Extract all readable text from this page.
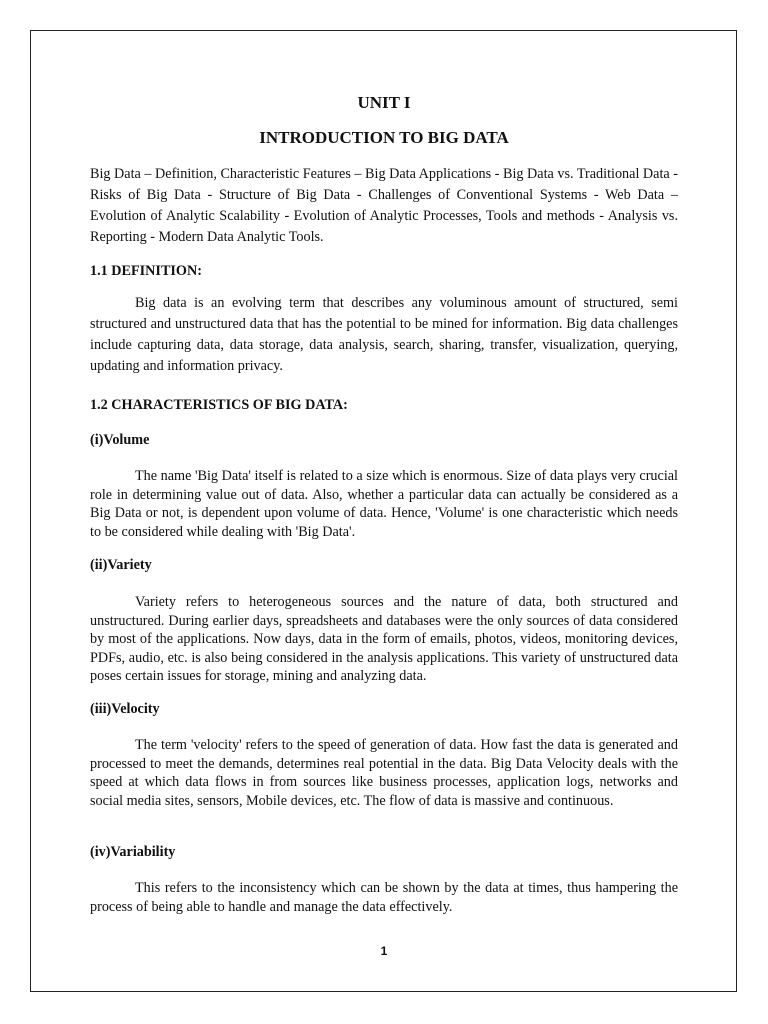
UNIT I
INTRODUCTION TO BIG DATA
Big Data – Definition, Characteristic Features – Big Data Applications - Big Data vs. Traditional Data - Risks of Big Data - Structure of Big Data - Challenges of Conventional Systems - Web Data – Evolution of Analytic Scalability - Evolution of Analytic Processes, Tools and methods - Analysis vs. Reporting - Modern Data Analytic Tools.
1.1 DEFINITION:
Big data is an evolving term that describes any voluminous amount of structured, semi structured and unstructured data that has the potential to be mined for information. Big data challenges include capturing data, data storage, data analysis, search, sharing, transfer, visualization, querying, updating and information privacy.
1.2 CHARACTERISTICS OF BIG DATA:
(i)Volume
The name 'Big Data' itself is related to a size which is enormous. Size of data plays very crucial role in determining value out of data. Also, whether a particular data can actually be considered as a Big Data or not, is dependent upon volume of data. Hence, 'Volume' is one characteristic which needs to be considered while dealing with 'Big Data'.
(ii)Variety
Variety refers to heterogeneous sources and the nature of data, both structured and unstructured. During earlier days, spreadsheets and databases were the only sources of data considered by most of the applications. Now days, data in the form of emails, photos, videos, monitoring devices, PDFs, audio, etc. is also being considered in the analysis applications. This variety of unstructured data poses certain issues for storage, mining and analyzing data.
(iii)Velocity
The term 'velocity' refers to the speed of generation of data. How fast the data is generated and processed to meet the demands, determines real potential in the data. Big Data Velocity deals with the speed at which data flows in from sources like business processes, application logs, networks and social media sites, sensors, Mobile devices, etc. The flow of data is massive and continuous.
(iv)Variability
This refers to the inconsistency which can be shown by the data at times, thus hampering the process of being able to handle and manage the data effectively.
1
